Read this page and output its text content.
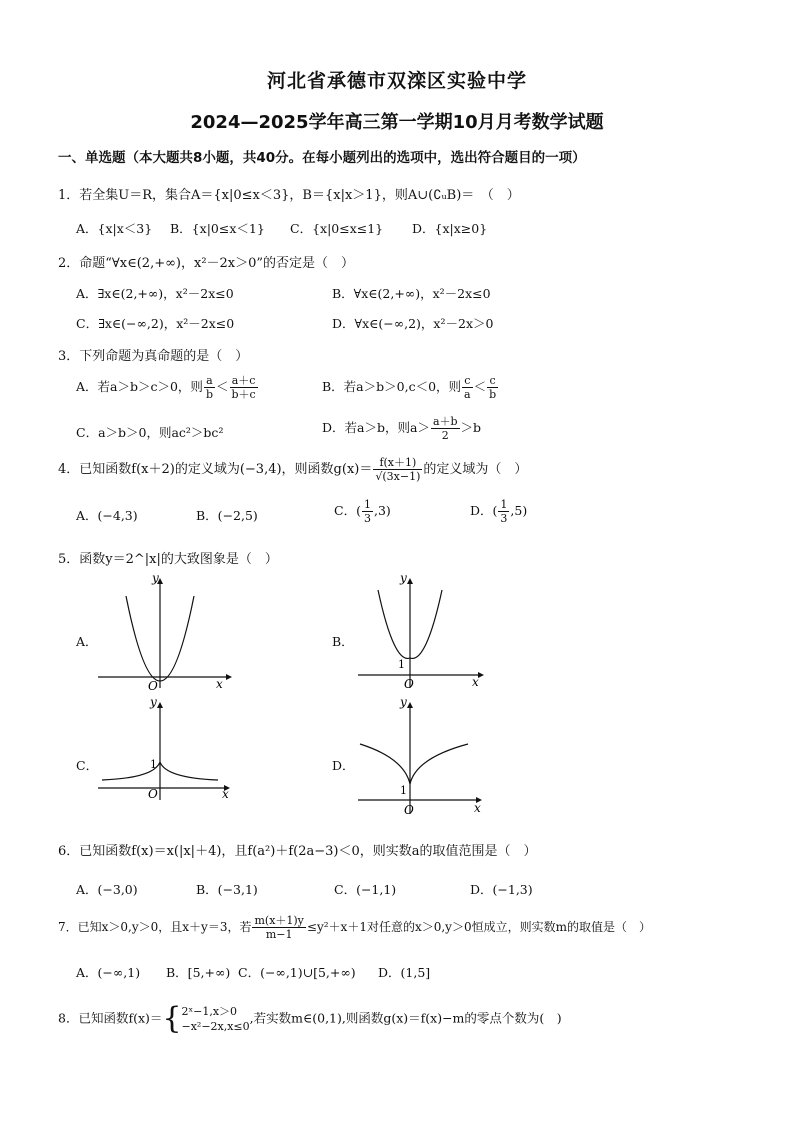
河北省承德市双滦区实验中学
2024—2025学年高三第一学期10月月考数学试题
一、单选题（本大题共8小题，共40分。在每小题列出的选项中，选出符合题目的一项）
1．若全集U＝R，集合A＝{x|0≤x＜3}，B＝{x|x＞1}，则A∪(∁ᵤB)＝　（　）
A．{x|x＜3} B．{x|0≤x＜1} C．{x|0≤x≤1} D．{x|x≥0}
2．命题“∀x∈(2,+∞)，x²－2x＞0”的否定是（　）
A．∃x∈(2,+∞)，x²－2x≤0	B．∀x∈(2,+∞)，x²－2x≤0
C．∃x∈(−∞,2)，x²－2x≤0	D．∀x∈(−∞,2)，x²－2x＞0
3．下列命题为真命题的是（　）
A．若a＞b＞c＞0，则 $\frac{a}{b} < \frac{a+c}{b+c}$	B．若a＞b＞0,c＜0，则 $\frac{c}{a} < \frac{c}{b}$
C．a＞b＞0，则ac²＞bc²	D．若a＞b，则$a> \frac{a+b}{2} >b$
4．已知函数f(x＋2)的定义域为(−3,4)，则函数$g(x)= \frac{f(x+1)}{√(3x-1)}$ 的定义域为（　）
A．(−4,3)	B．(−2,5)	C．( $\frac{1}{3} ,3$)	D．( $\frac{1}{3} ,5$)
5．函数y＝2^|x|的大致图象是（　）
A．
y
x
O
B．
y
x
O
1
C．
y
x
O
1	D．
y
x
O
1
6．已知函数f(x)＝x(|x|＋4)，且f(a²)＋f(2a−3)＜0，则实数a的取值范围是（　）
A．(−3,0)	B．(−3,1)	C．(−1,1)	D．(−1,3)
7．已知x＞0,y＞0，且x＋y＝3，若 $\frac{m(x+1)y}{m-1} \le y^2+x+1$对任意的x＞0,y＞0恒成立，则实数m的取值是（　）
A．(−∞,1) B．[5,+∞) C．(−∞,1)∪[5,+∞) D．(1,5]
8．已知函数f(x)＝{ 2ˣ−1,x＞0
−x²−2x,x≤0
,若实数m∈(0,1),则函数g(x)＝f(x)−m的零点个数为(　)
